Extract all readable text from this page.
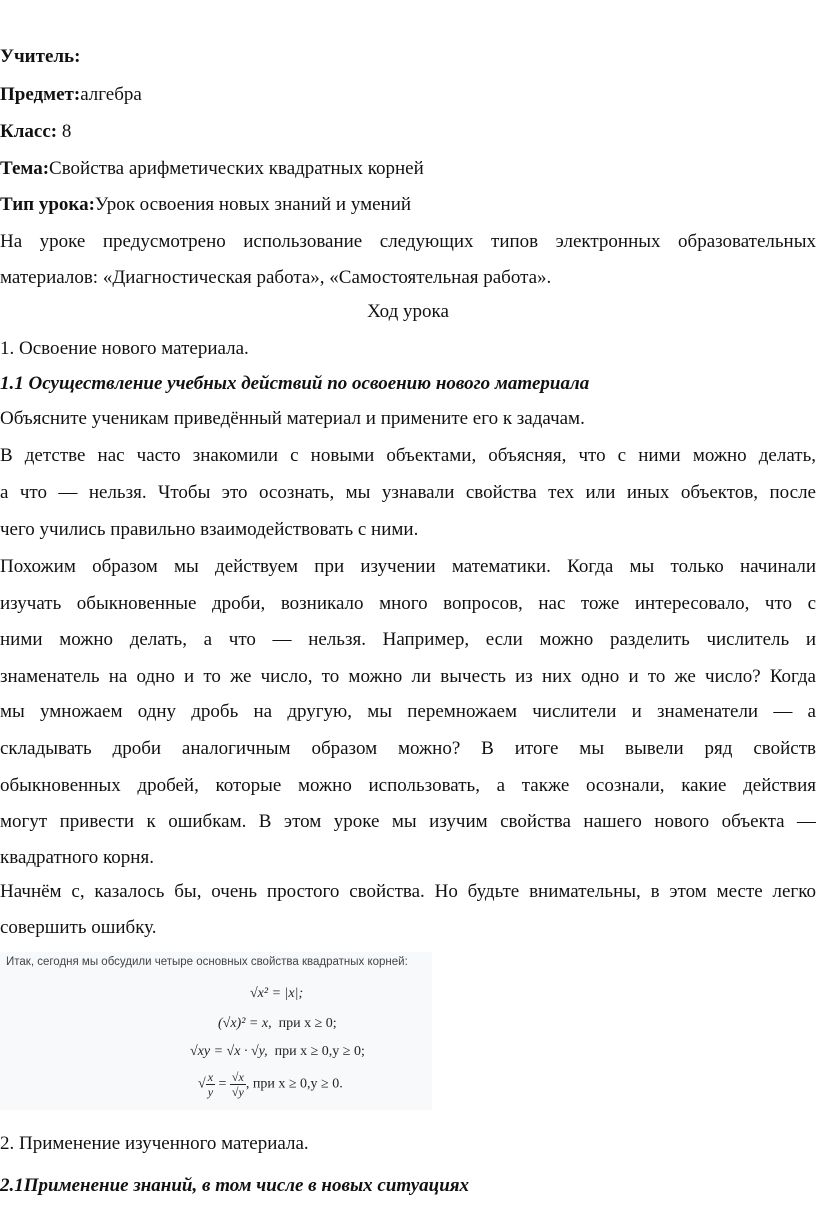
Учитель:
Предмет:алгебра
Класс: 8
Тема:Свойства арифметических квадратных корней
Тип урока:Урок освоения новых знаний и умений
На уроке предусмотрено использование следующих типов электронных образовательных
материалов: «Диагностическая работа», «Самостоятельная работа».
Ход урока
1. Освоение нового материала.
1.1 Осуществление учебных действий по освоению нового материала
Объясните ученикам приведённый материал и примените его к задачам.
В детстве нас часто знакомили с новыми объектами, объясняя, что с ними можно делать,
а что — нельзя. Чтобы это осознать, мы узнавали свойства тех или иных объектов, после
чего учились правильно взаимодействовать с ними.
Похожим образом мы действуем при изучении математики. Когда мы только начинали
изучать обыкновенные дроби, возникало много вопросов, нас тоже интересовало, что с
ними можно делать, а что — нельзя. Например, если можно разделить числитель и
знаменатель на одно и то же число, то можно ли вычесть из них одно и то же число? Когда
мы умножаем одну дробь на другую, мы перемножаем числители и знаменатели — а
складывать дроби аналогичным образом можно? В итоге мы вывели ряд свойств
обыкновенных дробей, которые можно использовать, а также осознали, какие действия
могут привести к ошибкам. В этом уроке мы изучим свойства нашего нового объекта —
квадратного корня.
Начнём с, казалось бы, очень простого свойства. Но будьте внимательны, в этом месте легко
совершить ошибку.
Итак, сегодня мы обсудили четыре основных свойства квадратных корней:
√x² = |x|;
(√x)² = x, при x ≥ 0;
√xy = √x · √y, при x ≥ 0,y ≥ 0;
√ $\frac{x}{y} = \frac{√x}{√y}$ , при x ≥ 0,y ≥ 0.
2. Применение изученного материала.
2.1Применение знаний, в том числе в новых ситуациях
